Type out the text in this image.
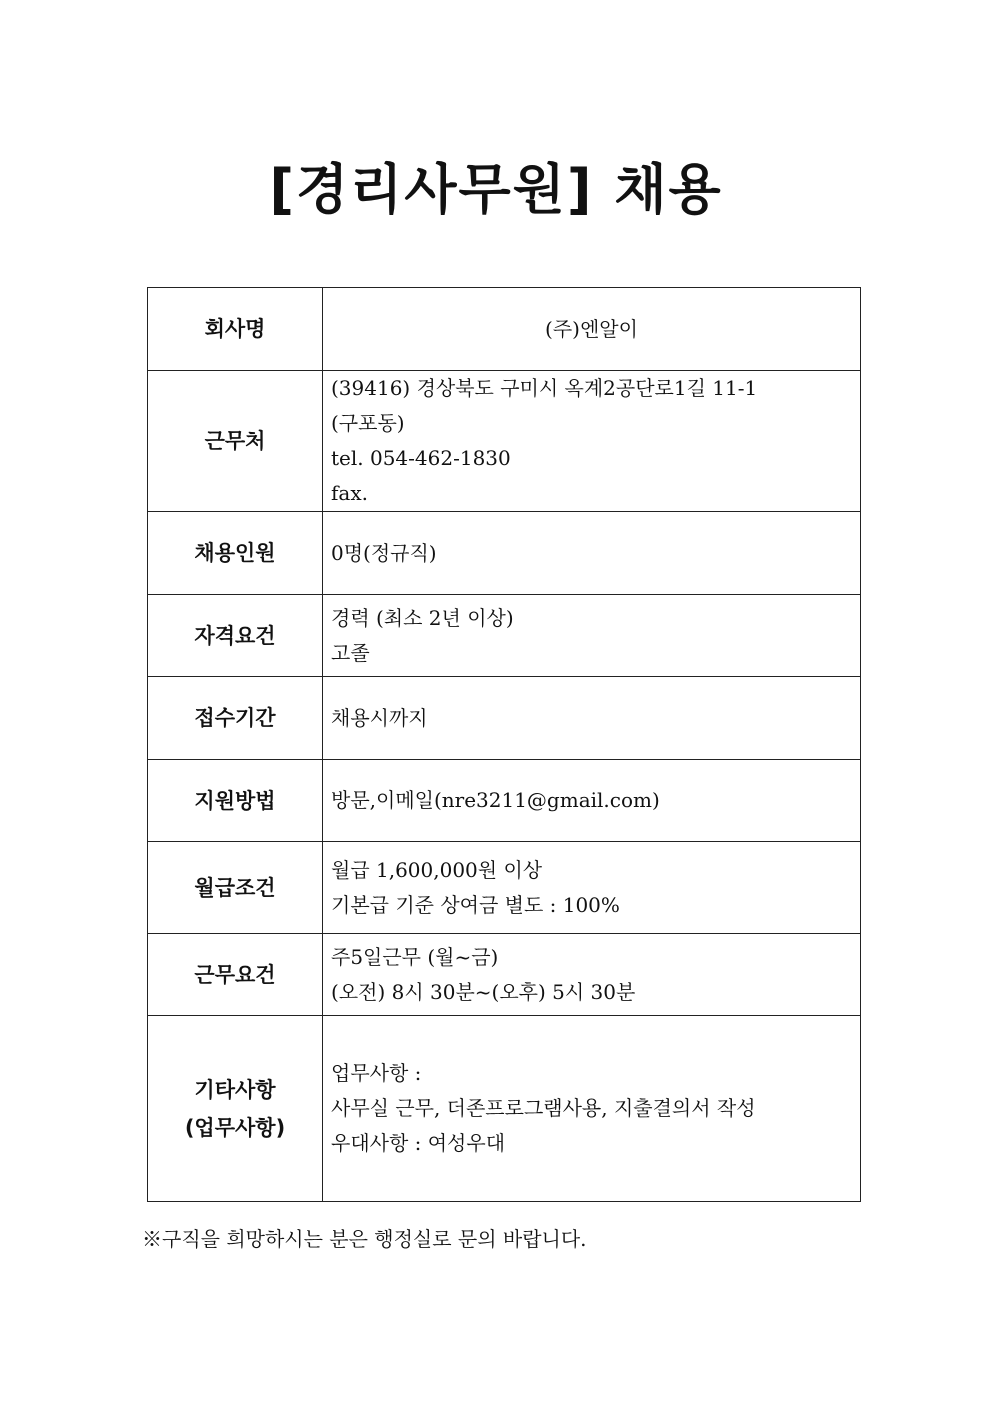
[경리사무원] 채용
회사명	(주)엔알이

근무처	(39416) 경상북도 구미시 옥계2공단로1길 11-1
(구포동)
tel. 054-462-1830
fax.

채용인원	0명(정규직)

자격요건	경력 (최소 2년 이상)
고졸

접수기간	채용시까지

지원방법	방문,이메일(nre3211@gmail.com)

월급조건	월급 1,600,000원 이상
기본급 기준 상여금 별도 : 100%

근무요건	주5일근무 (월~금)
(오전) 8시 30분~(오후) 5시 30분

기타사항
(업무사항)	업무사항 :
사무실 근무, 더존프로그램사용, 지출결의서 작성
우대사항 : 여성우대
※구직을 희망하시는 분은 행정실로 문의 바랍니다.
